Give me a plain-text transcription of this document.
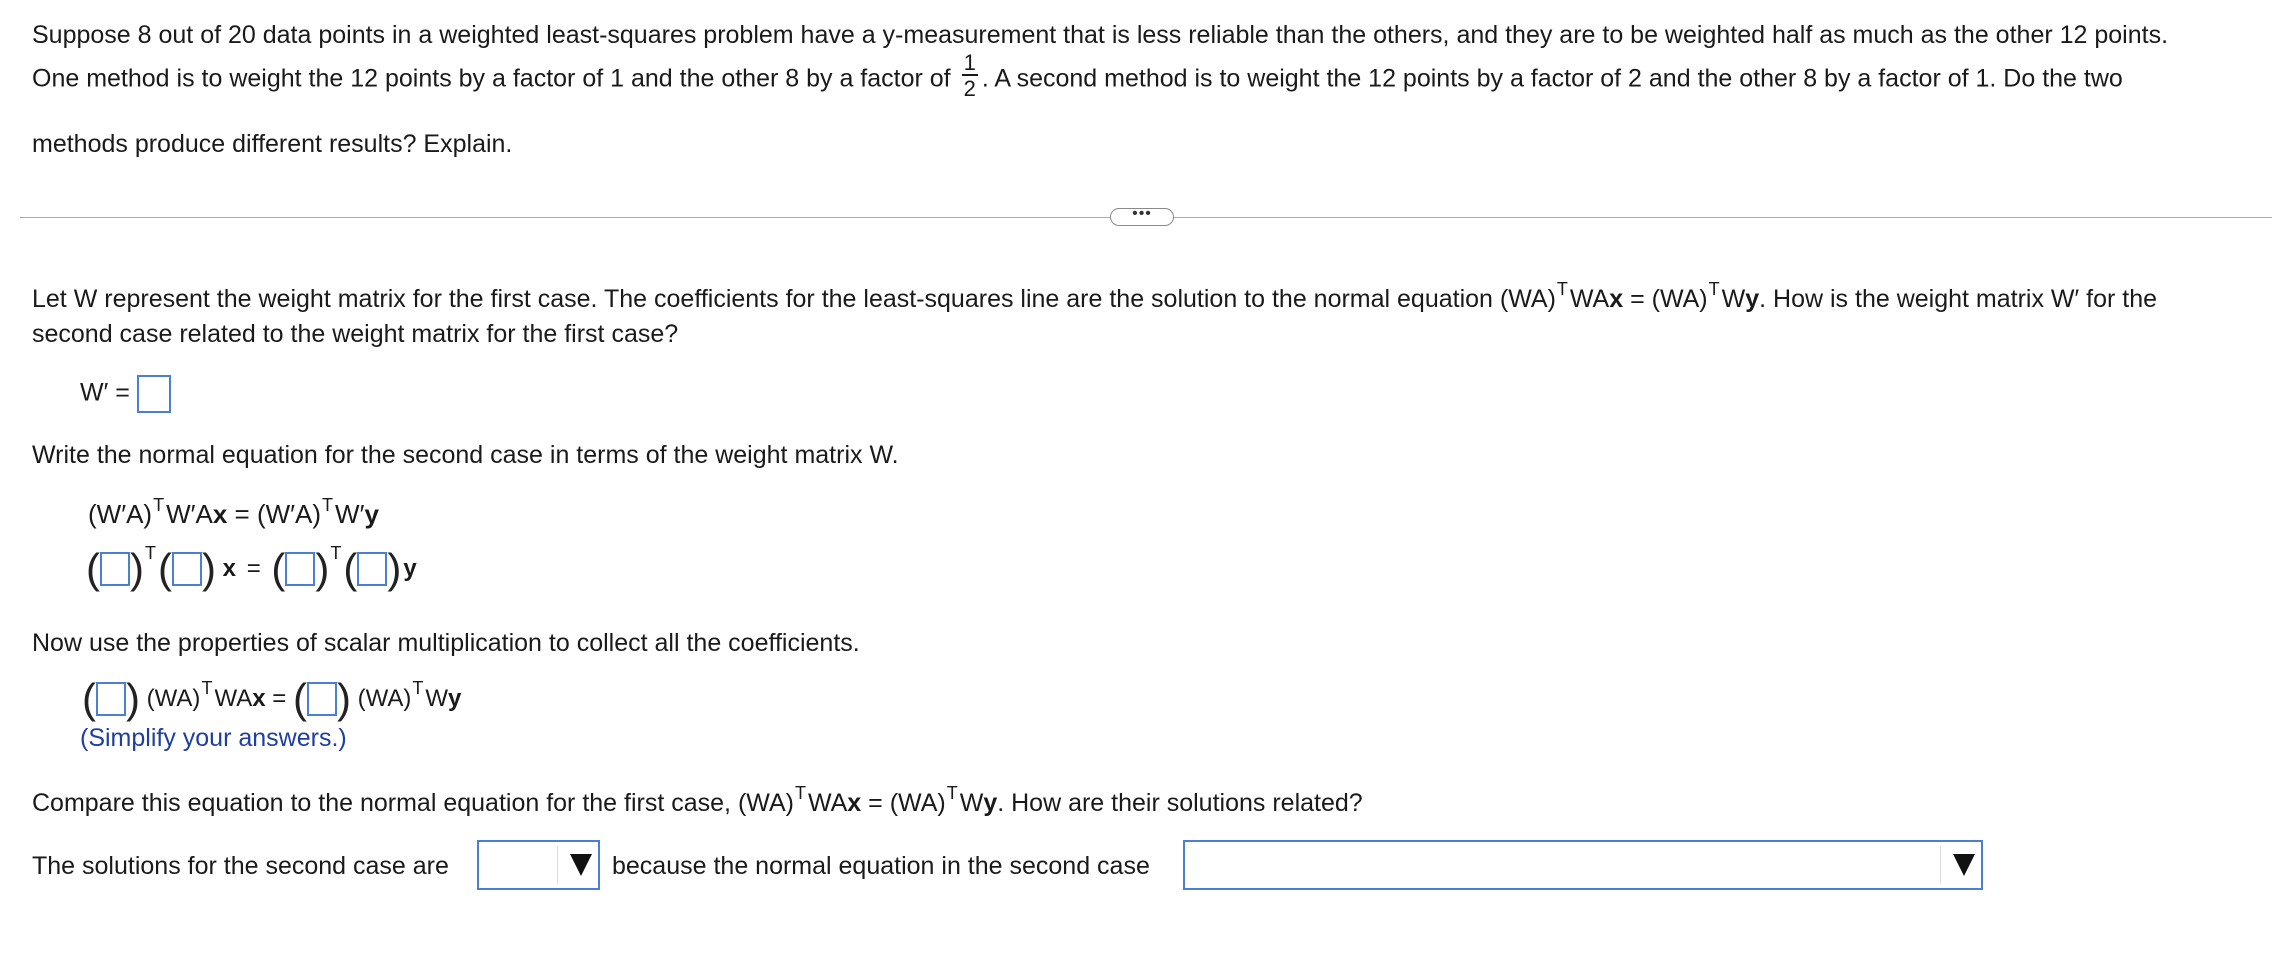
Suppose 8 out of 20 data points in a weighted least-squares problem have a y-measurement that is less reliable than the others, and they are to be weighted half as much as the other 12 points.
One method is to weight the 12 points by a factor of 1 and the other 8 by a factor of $\frac{1}{2}$ . A second method is to weight the 12 points by a factor of 2 and the other 8 by a factor of 1. Do the two
methods produce different results? Explain.
•••
Let W represent the weight matrix for the first case. The coefficients for the least-squares line are the solution to the normal equation (WA)$^T$WAx = (WA)$^T$Wy. How is the weight matrix W′ for the
second case related to the weight matrix for the first case?
W′ =
Write the normal equation for the second case in terms of the weight matrix W.
$(W'A)^TW'Ax = (W'A)^TW'y$
( )$^T$( ) x = ( )$^T$( )y
Now use the properties of scalar multiplication to collect all the coefficients.
( ) (WA)$^T$WAx = ( ) (WA)$^T$Wy
(Simplify your answers.)
Compare this equation to the normal equation for the first case, (WA)$^T$WAx = (WA)$^T$Wy. How are their solutions related?
The solutions for the second case are	because the normal equation in the second case
